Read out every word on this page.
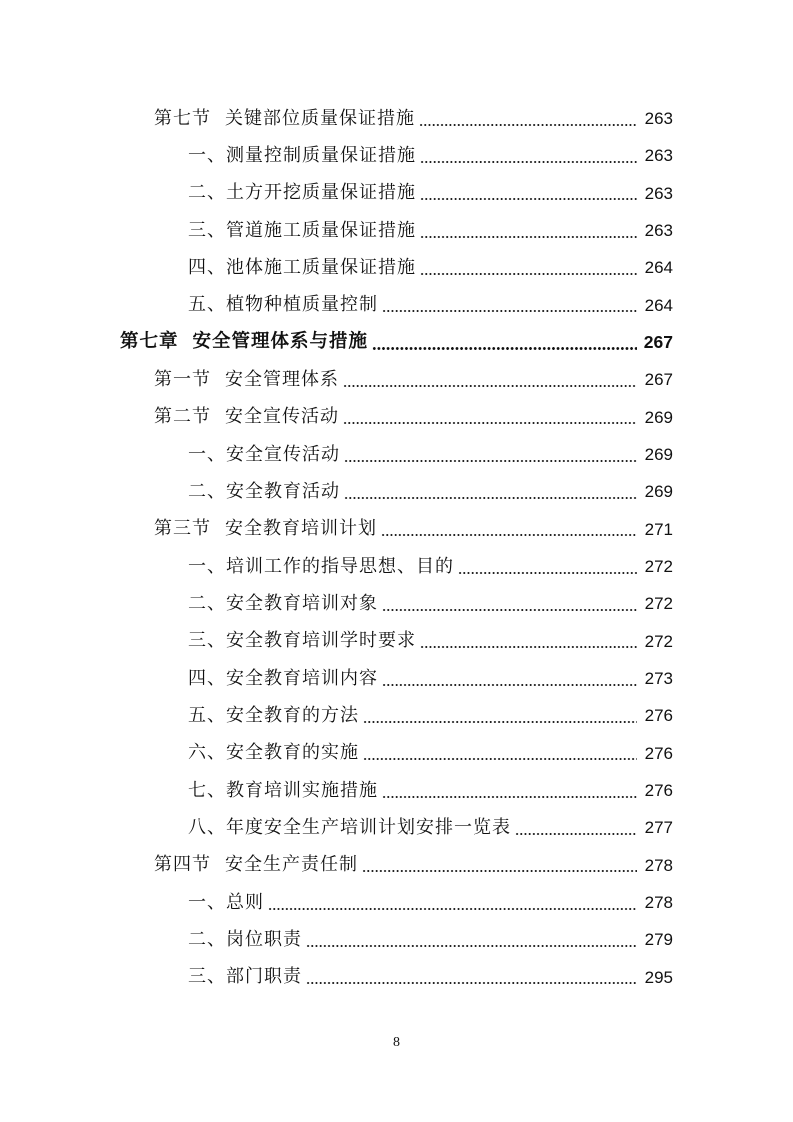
第七节 关键部位质量保证措施	263
一、 测量控制质量保证措施	263
二、 土方开挖质量保证措施	263
三、 管道施工质量保证措施	263
四、 池体施工质量保证措施	264
五、 植物种植质量控制	264
第七章 安全管理体系与措施	267
第一节 安全管理体系	267
第二节 安全宣传活动	269
一、 安全宣传活动	269
二、 安全教育活动	269
第三节 安全教育培训计划	271
一、 培训工作的指导思想、目的	272
二、 安全教育培训对象	272
三、 安全教育培训学时要求	272
四、 安全教育培训内容	273
五、 安全教育的方法	276
六、 安全教育的实施	276
七、 教育培训实施措施	276
八、 年度安全生产培训计划安排一览表	277
第四节 安全生产责任制	278
一、 总则	278
二、 岗位职责	279
三、 部门职责	295
8
